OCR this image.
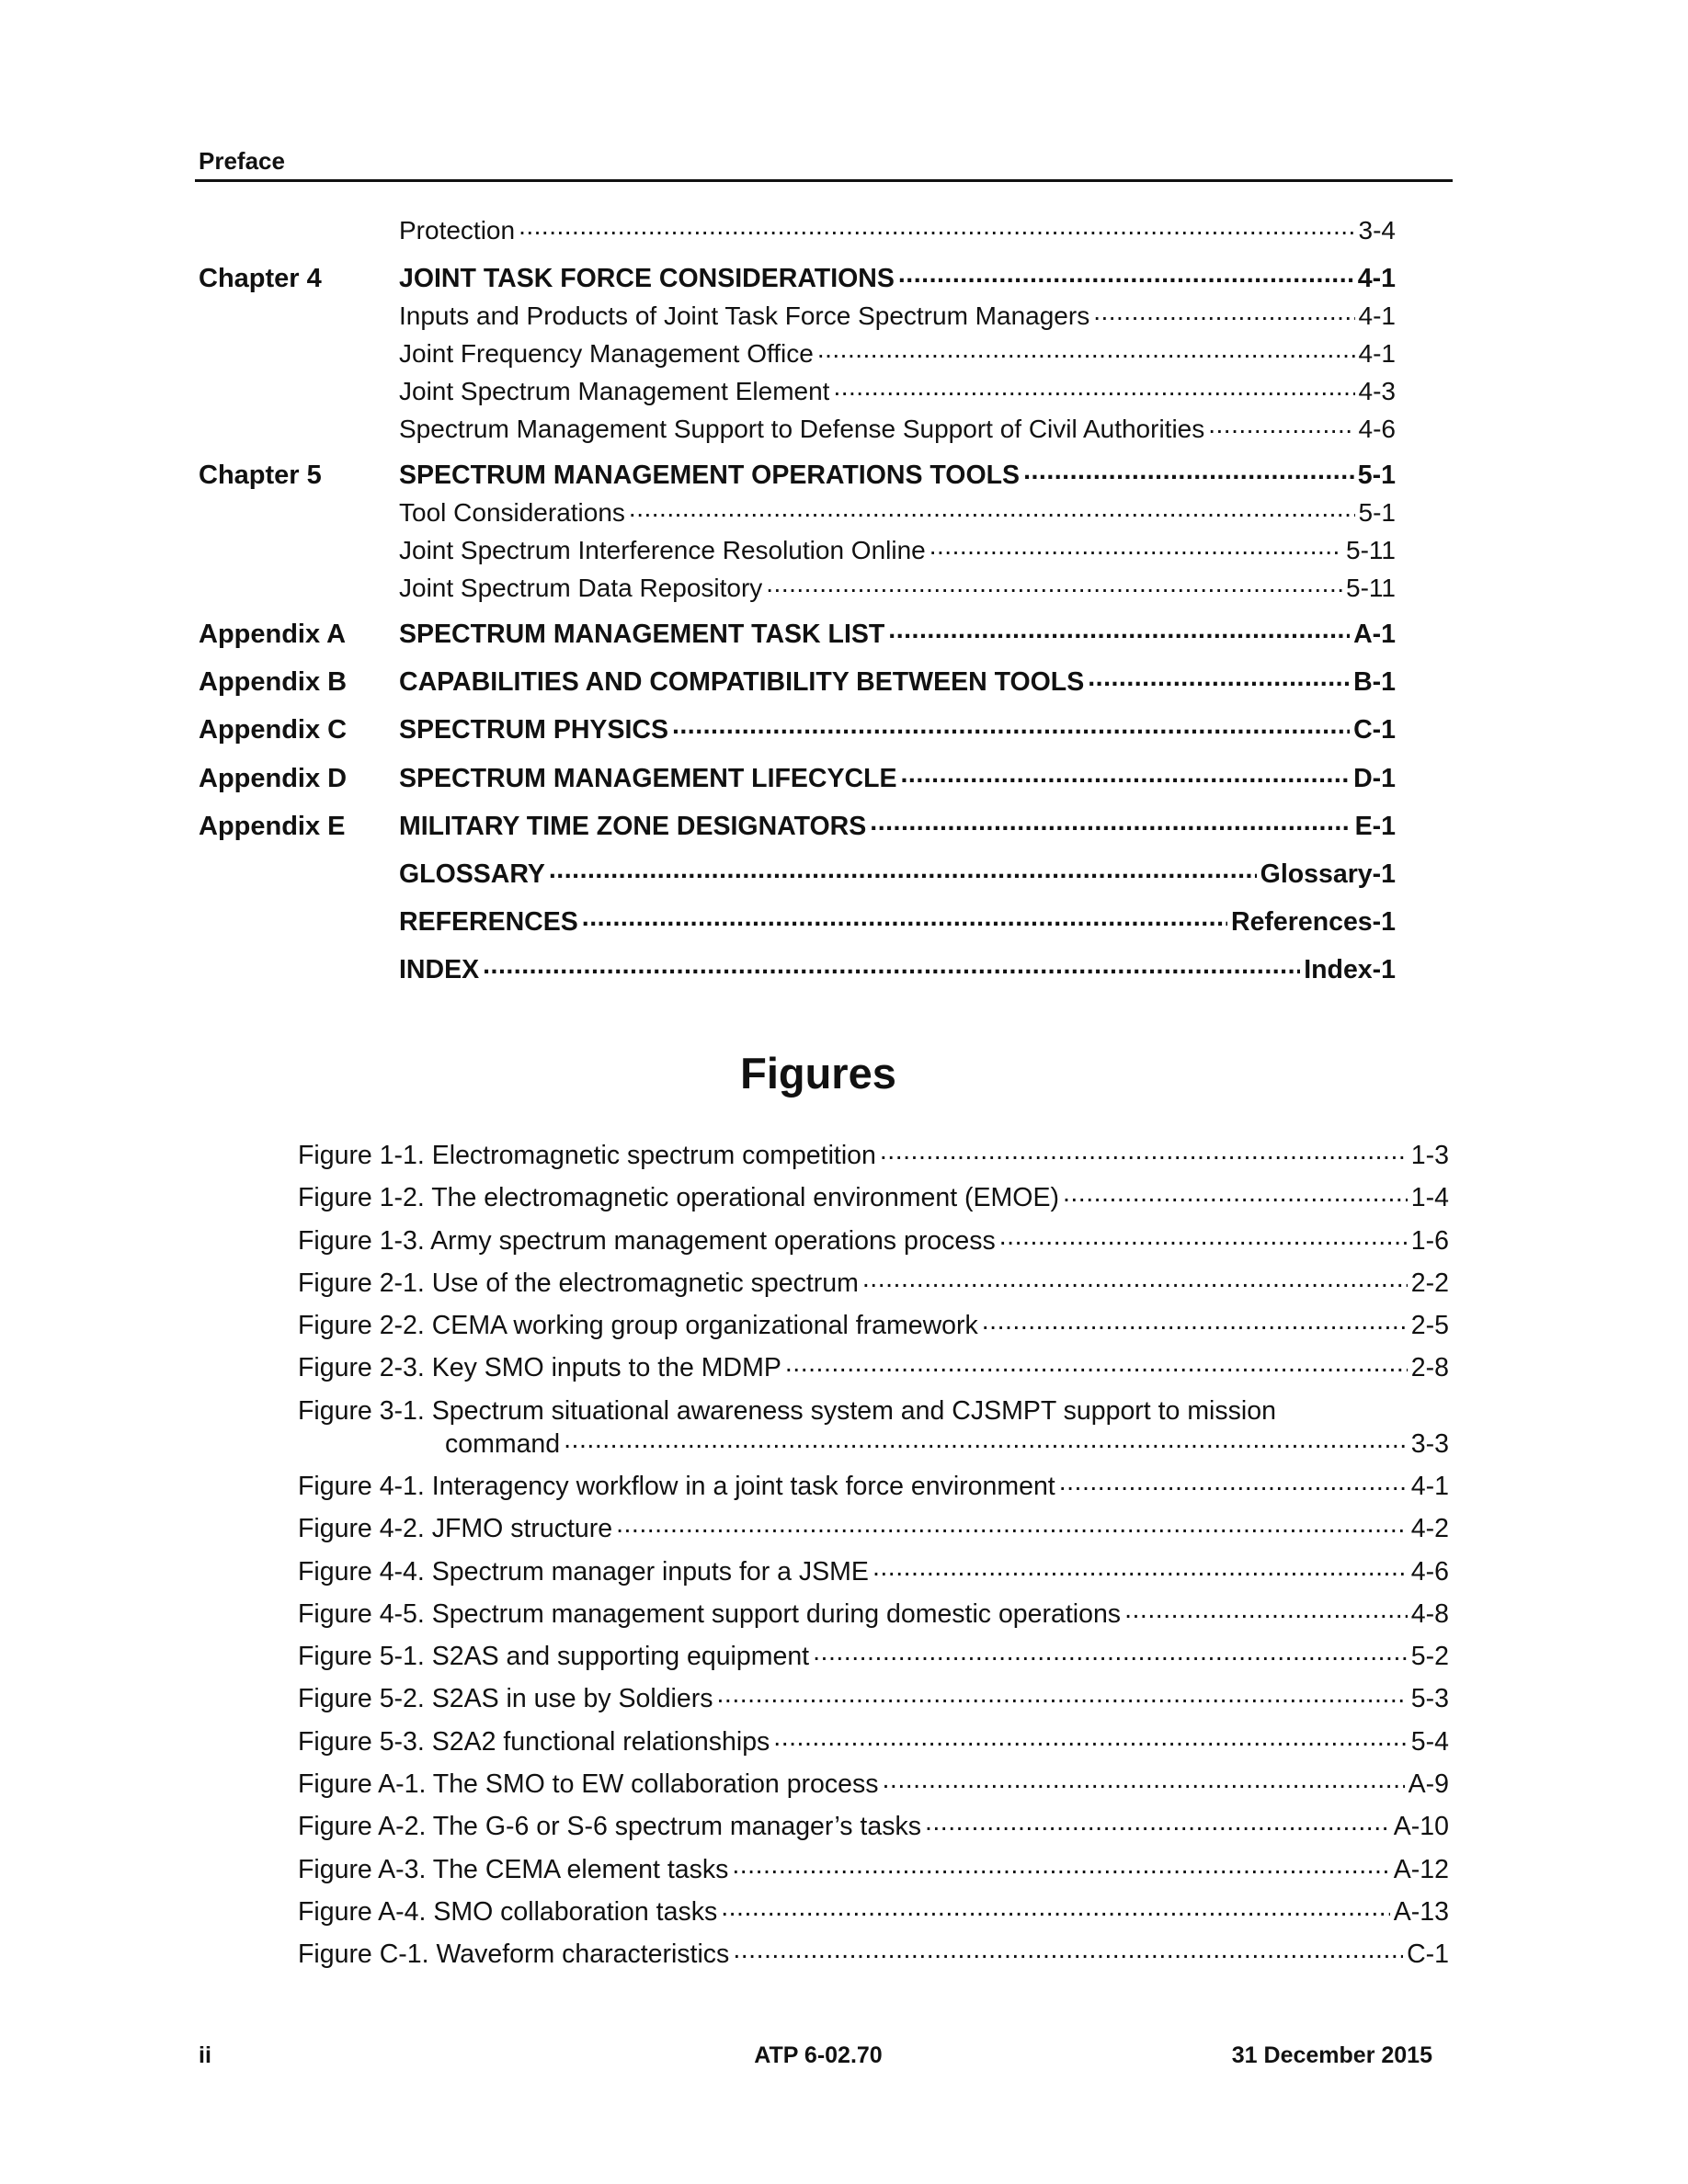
Preface
Protection .....	3-4
Chapter 4	JOINT TASK FORCE CONSIDERATIONS .....	4-1
Inputs and Products of Joint Task Force Spectrum Managers .....	4-1
Joint Frequency Management Office .....	4-1
Joint Spectrum Management Element .....	4-3
Spectrum Management Support to Defense Support of Civil Authorities .....	4-6
Chapter 5	SPECTRUM MANAGEMENT OPERATIONS TOOLS .....	5-1
Tool Considerations .....	5-1
Joint Spectrum Interference Resolution Online .....	5-11
Joint Spectrum Data Repository .....	5-11
Appendix A SPECTRUM MANAGEMENT TASK LIST .....	A-1
Appendix B CAPABILITIES AND COMPATIBILITY BETWEEN TOOLS .....	B-1
Appendix C SPECTRUM PHYSICS .....	C-1
Appendix D SPECTRUM MANAGEMENT LIFECYCLE .....	D-1
Appendix E MILITARY TIME ZONE DESIGNATORS .....	E-1
GLOSSARY .....	Glossary-1
REFERENCES .....	References-1
INDEX .....	Index-1
Figures
Figure 1-1. Electromagnetic spectrum competition .....	1-3
Figure 1-2. The electromagnetic operational environment (EMOE) .....	1-4
Figure 1-3. Army spectrum management operations process .....	1-6
Figure 2-1. Use of the electromagnetic spectrum .....	2-2
Figure 2-2. CEMA working group organizational framework .....	2-5
Figure 2-3. Key SMO inputs to the MDMP .....	2-8
Figure 3-1. Spectrum situational awareness system and CJSMPT support to mission
command .....	3-3
Figure 4-1. Interagency workflow in a joint task force environment .....	4-1
Figure 4-2. JFMO structure .....	4-2
Figure 4-4. Spectrum manager inputs for a JSME .....	4-6
Figure 4-5. Spectrum management support during domestic operations .....	4-8
Figure 5-1. S2AS and supporting equipment .....	5-2
Figure 5-2. S2AS in use by Soldiers .....	5-3
Figure 5-3. S2A2 functional relationships .....	5-4
Figure A-1. The SMO to EW collaboration process .....	A-9
Figure A-2. The G-6 or S-6 spectrum manager’s tasks .....	A-10
Figure A-3. The CEMA element tasks .....	A-12
Figure A-4. SMO collaboration tasks .....	A-13
Figure C-1. Waveform characteristics .....	C-1
ii	ATP 6-02.70	31 December 2015
